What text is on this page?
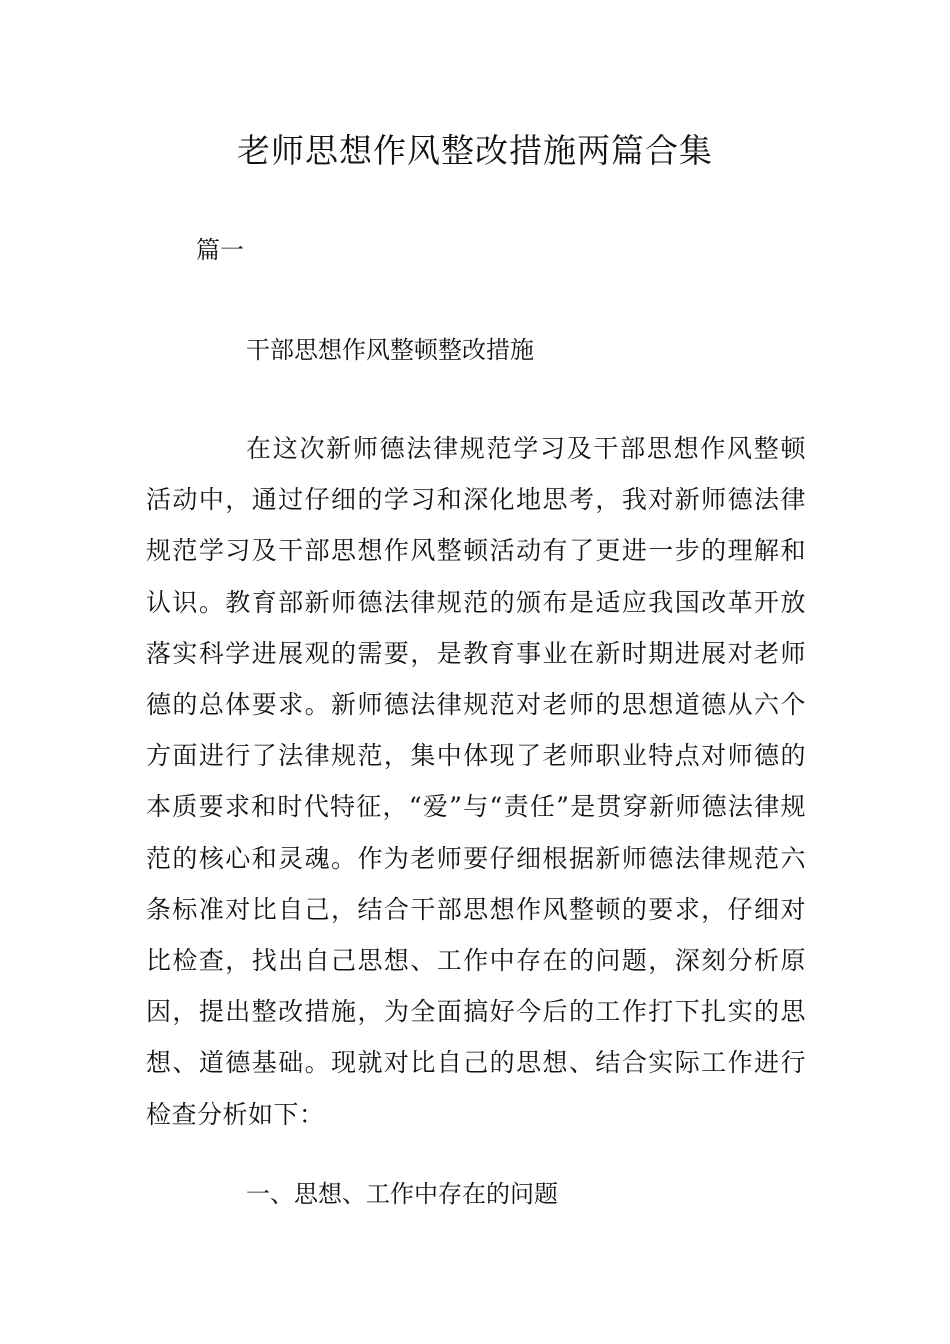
老师思想作风整改措施两篇合集

篇一

干部思想作风整顿整改措施

在这次新师德法律规范学习及干部思想作风整顿活动中，通过仔细的学习和深化地思考，我对新师德法律规范学习及干部思想作风整顿活动有了更进一步的理解和认识。教育部新师德法律规范的颁布是适应我国改革开放落实科学进展观的需要，是教育事业在新时期进展对老师德的总体要求。新师德法律规范对老师的思想道德从六个方面进行了法律规范，集中体现了老师职业特点对师德的本质要求和时代特征，“爱”与“责任”是贯穿新师德法律规范的核心和灵魂。作为老师要仔细根据新师德法律规范六条标准对比自己，结合干部思想作风整顿的要求，仔细对比检查，找出自己思想、工作中存在的问题，深刻分析原因，提出整改措施，为全面搞好今后的工作打下扎实的思想、道德基础。现就对比自己的思想、结合实际工作进行检查分析如下：

一、思想、工作中存在的问题
